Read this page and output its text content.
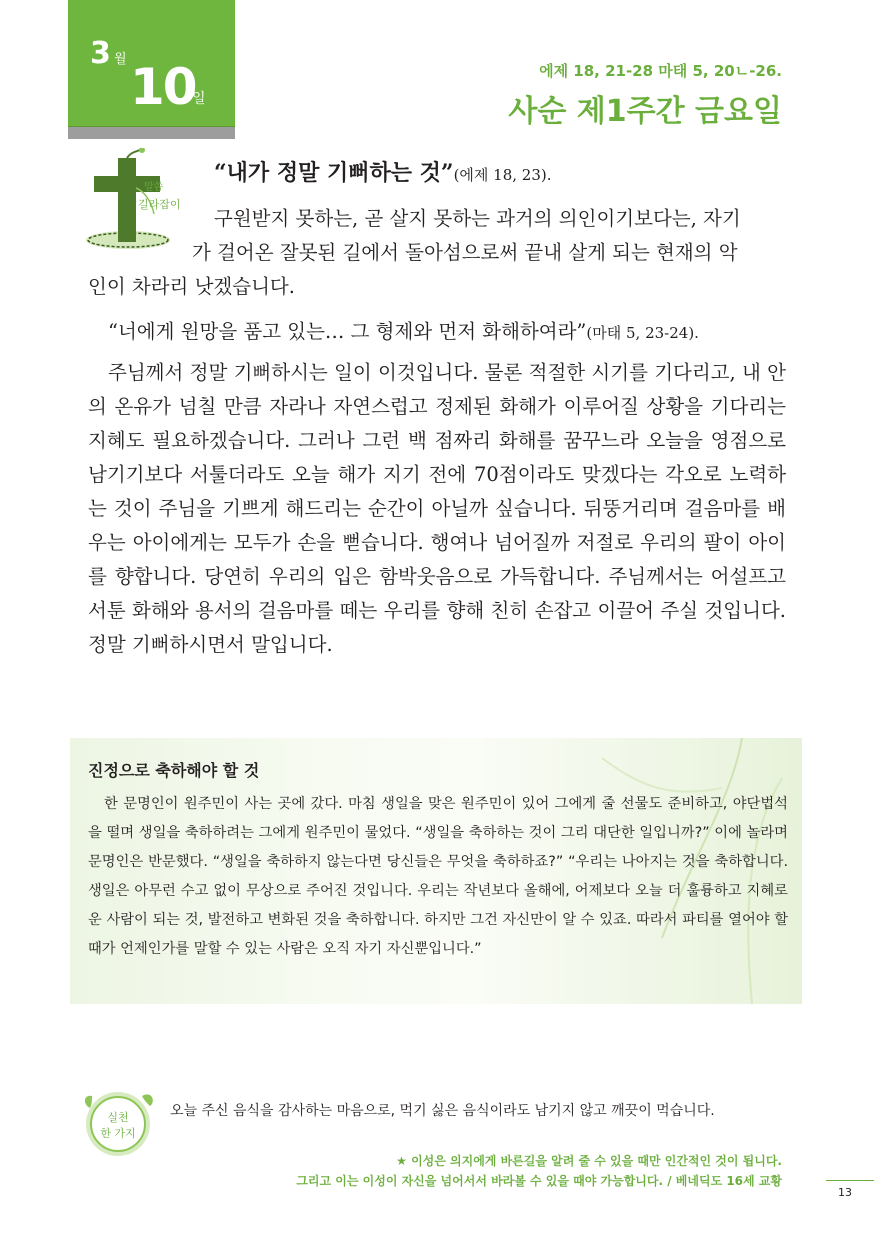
3 월 10
일
에제 18, 21-28 마태 5, 20ㄴ-26.
사순 제1주간 금요일
말씀
길라잡이
“내가 정말 기뻐하는 것”(에제 18, 23).
구원받지 못하는, 곧 살지 못하는 과거의 의인이기보다는, 자기
가 걸어온 잘못된 길에서 돌아섬으로써 끝내 살게 되는 현재의 악
인이 차라리 낫겠습니다.
“너에게 원망을 품고 있는… 그 형제와 먼저 화해하여라”(마태 5, 23-24).
주님께서 정말 기뻐하시는 일이 이것입니다. 물론 적절한 시기를 기다리고, 내 안의 온유가 넘칠 만큼 자라나 자연스럽고 정제된 화해가 이루어질 상황을 기다리는 지혜도 필요하겠습니다. 그러나 그런 백 점짜리 화해를 꿈꾸느라 오늘을 영점으로 남기기보다 서툴더라도 오늘 해가 지기 전에 70점이라도 맞겠다는 각오로 노력하는 것이 주님을 기쁘게 해드리는 순간이 아닐까 싶습니다. 뒤뚱거리며 걸음마를 배우는 아이에게는 모두가 손을 뻗습니다. 행여나 넘어질까 저절로 우리의 팔이 아이를 향합니다. 당연히 우리의 입은 함박웃음으로 가득합니다. 주님께서는 어설프고 서툰 화해와 용서의 걸음마를 떼는 우리를 향해 친히 손잡고 이끌어 주실 것입니다. 정말 기뻐하시면서 말입니다.
진정으로 축하해야 할 것
한 문명인이 원주민이 사는 곳에 갔다. 마침 생일을 맞은 원주민이 있어 그에게 줄 선물도 준비하고, 야단법석을 떨며 생일을 축하하려는 그에게 원주민이 물었다. “생일을 축하하는 것이 그리 대단한 일입니까?” 이에 놀라며 문명인은 반문했다. “생일을 축하하지 않는다면 당신들은 무엇을 축하하죠?” “우리는 나아지는 것을 축하합니다. 생일은 아무런 수고 없이 무상으로 주어진 것입니다. 우리는 작년보다 올해에, 어제보다 오늘 더 훌륭하고 지혜로운 사람이 되는 것, 발전하고 변화된 것을 축하합니다. 하지만 그건 자신만이 알 수 있죠. 따라서 파티를 열어야 할 때가 언제인가를 말할 수 있는 사람은 오직 자기 자신뿐입니다.”
실천
한 가지
오늘 주신 음식을 감사하는 마음으로, 먹기 싫은 음식이라도 남기지 않고 깨끗이 먹습니다.
★ 이성은 의지에게 바른길을 알려 줄 수 있을 때만 인간적인 것이 됩니다.
그리고 이는 이성이 자신을 넘어서서 바라볼 수 있을 때야 가능합니다. / 베네딕도 16세 교황
13
